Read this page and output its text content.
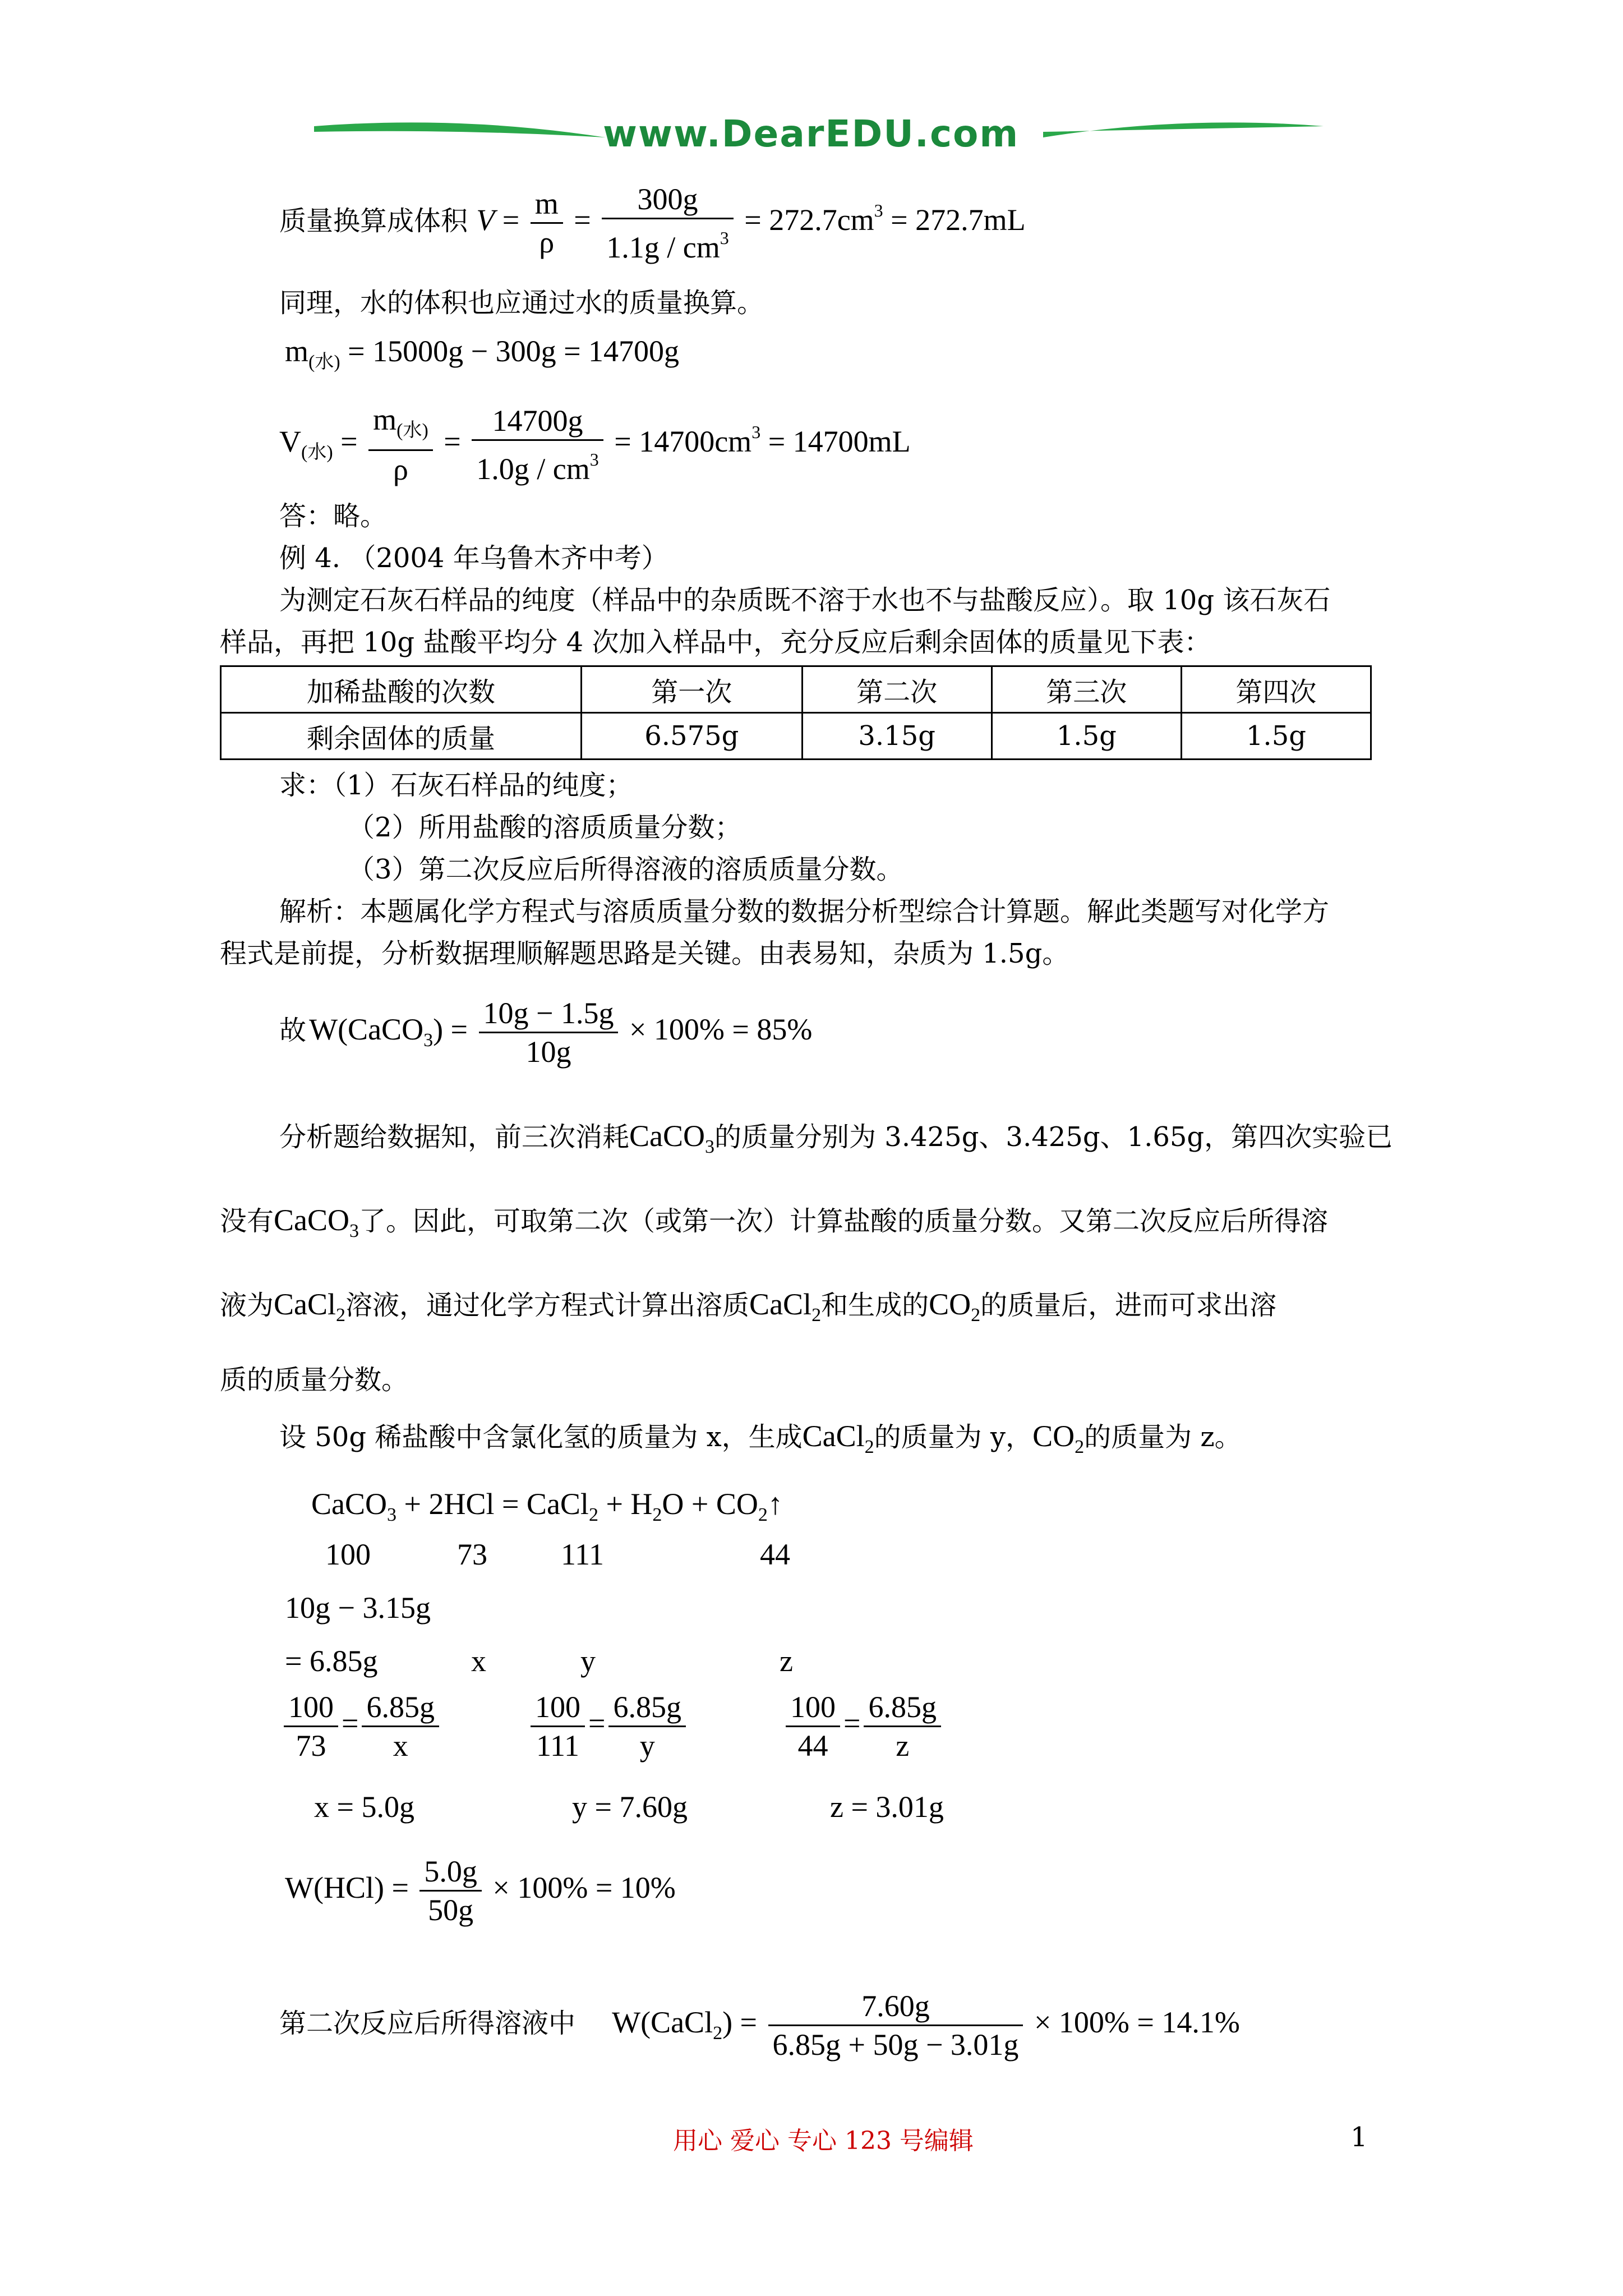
www.DearEDU.com
质量换算成体积 $V = \frac{m}{\rho} = \frac{300g}{1.1g / cm^3} = 272.7cm^3 = 272.7mL$
同理，水的体积也应通过水的质量换算。
$m_{(水)} = 15000g - 300g = 14700g$
$V_{(水)} = \frac{m_{(水)}}{\rho} = \frac{14700g}{1.0g / cm^3} = 14700cm^3 = 14700mL$
答：略。
例 4. （2004 年乌鲁木齐中考）
为测定石灰石样品的纯度（样品中的杂质既不溶于水也不与盐酸反应）。取 10g 该石灰石
样品，再把 10g 盐酸平均分 4 次加入样品中，充分反应后剩余固体的质量见下表：
加稀盐酸的次数	第一次	第二次	第三次	第四次
剩余固体的质量	6.575g	3.15g	1.5g	1.5g
求：（1）石灰石样品的纯度；
（2）所用盐酸的溶质质量分数；
（3）第二次反应后所得溶液的溶质质量分数。
解析：本题属化学方程式与溶质质量分数的数据分析型综合计算题。解此类题写对化学方
程式是前提，分析数据理顺解题思路是关键。由表易知，杂质为 1.5g。
故 W(CaCO$_3$) = $\frac{10g - 1.5g}{10g} \times 100\% = 85\%$
分析题给数据知，前三次消耗CaCO$_3$的质量分别为 3.425g、3.425g、1.65g，第四次实验已
没有CaCO$_3$了。因此，可取第二次（或第一次）计算盐酸的质量分数。又第二次反应后所得溶
液为CaCl$_2$溶液，通过化学方程式计算出溶质CaCl$_2$和生成的$CO_2$的质量后，进而可求出溶
质的质量分数。
设 50g 稀盐酸中含氯化氢的质量为 x，生成CaCl$_2$的质量为 y，$CO_2$的质量为 z。
CaCO$_3$ + 2HCl = CaCl$_2$ + $H_2O$ + $CO_2↑$
100	73 111	44
10g − 3.15g
= 6.85g	x	y	z
$\frac{100}{73} = \frac{6.85g}{x}$	$\frac{100}{111} = \frac{6.85g}{y}$	$\frac{100}{44} = \frac{6.85g}{z}$
x = 5.0g	y = 7.60g	z = 3.01g
$W(HCl) = \frac{5.0g}{50g} \times 100\% = 10\%$
第二次反应后所得溶液中 W(CaCl$_2$) = $\frac{7.60g}{6.85g + 50g - 3.01g} \times 100\% = 14.1\%$
用心 爱心 专心 123 号编辑	1
